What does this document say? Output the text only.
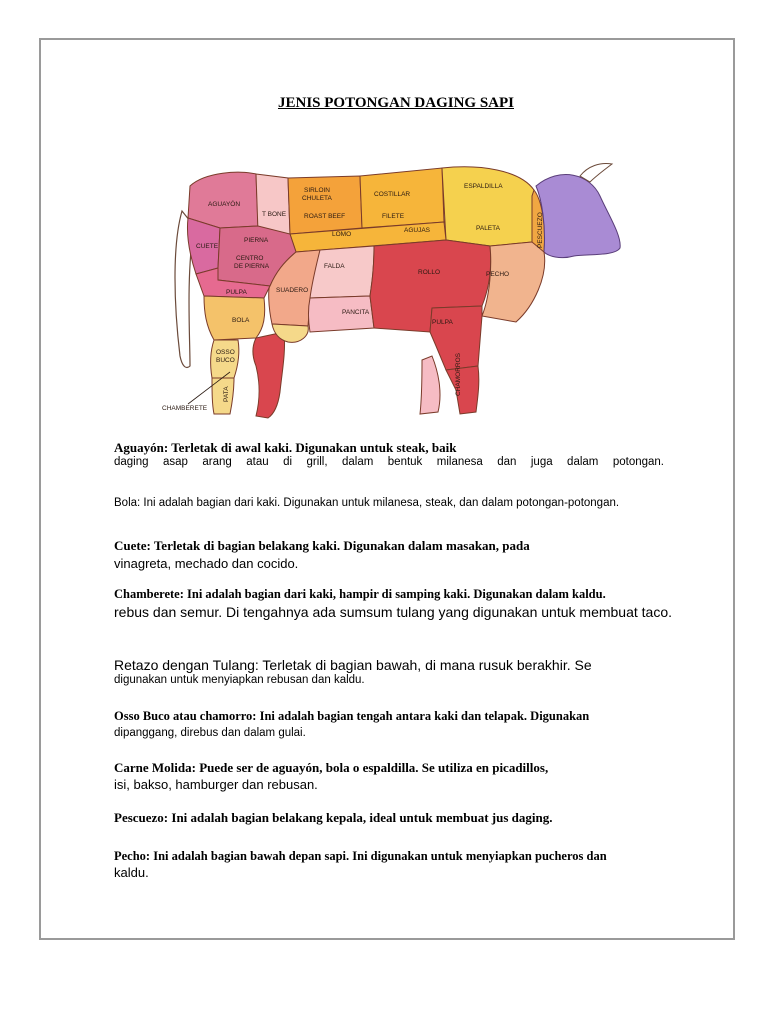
JENIS POTONGAN DAGING SAPI
AGUAYÓN
T BONE
SIRLOIN
CHULETA
COSTILLAR
ESPALDILLA
ROAST BEEF	FILETE
PALETA
LOMO
AGUJAS	PESCUEZO
CUETE
PIERNA
CENTRO
DE PIERNA	FALDA
ROLLO	PECHO
PULPA	SUADERO
PANCITA
PULPA
BOLA
OSSO
BUCO	CHAMORROS
PATA
CHAMBERETE
Aguayón: Terletak di awal kaki. Digunakan untuk steak, baik
daging asap arang atau di grill, dalam bentuk milanesa dan juga dalam potongan.
Bola: Ini adalah bagian dari kaki. Digunakan untuk milanesa, steak, dan dalam potongan-potongan.
Cuete: Terletak di bagian belakang kaki. Digunakan dalam masakan, pada
vinagreta, mechado dan cocido.
Chamberete: Ini adalah bagian dari kaki, hampir di samping kaki. Digunakan dalam kaldu.
rebus dan semur. Di tengahnya ada sumsum tulang yang digunakan untuk membuat taco.
Retazo dengan Tulang: Terletak di bagian bawah, di mana rusuk berakhir. Se
digunakan untuk menyiapkan rebusan dan kaldu.
Osso Buco atau chamorro: Ini adalah bagian tengah antara kaki dan telapak. Digunakan
dipanggang, direbus dan dalam gulai.
Carne Molida: Puede ser de aguayón, bola o espaldilla. Se utiliza en picadillos,
isi, bakso, hamburger dan rebusan.
Pescuezo: Ini adalah bagian belakang kepala, ideal untuk membuat jus daging.
Pecho: Ini adalah bagian bawah depan sapi. Ini digunakan untuk menyiapkan pucheros dan
kaldu.
